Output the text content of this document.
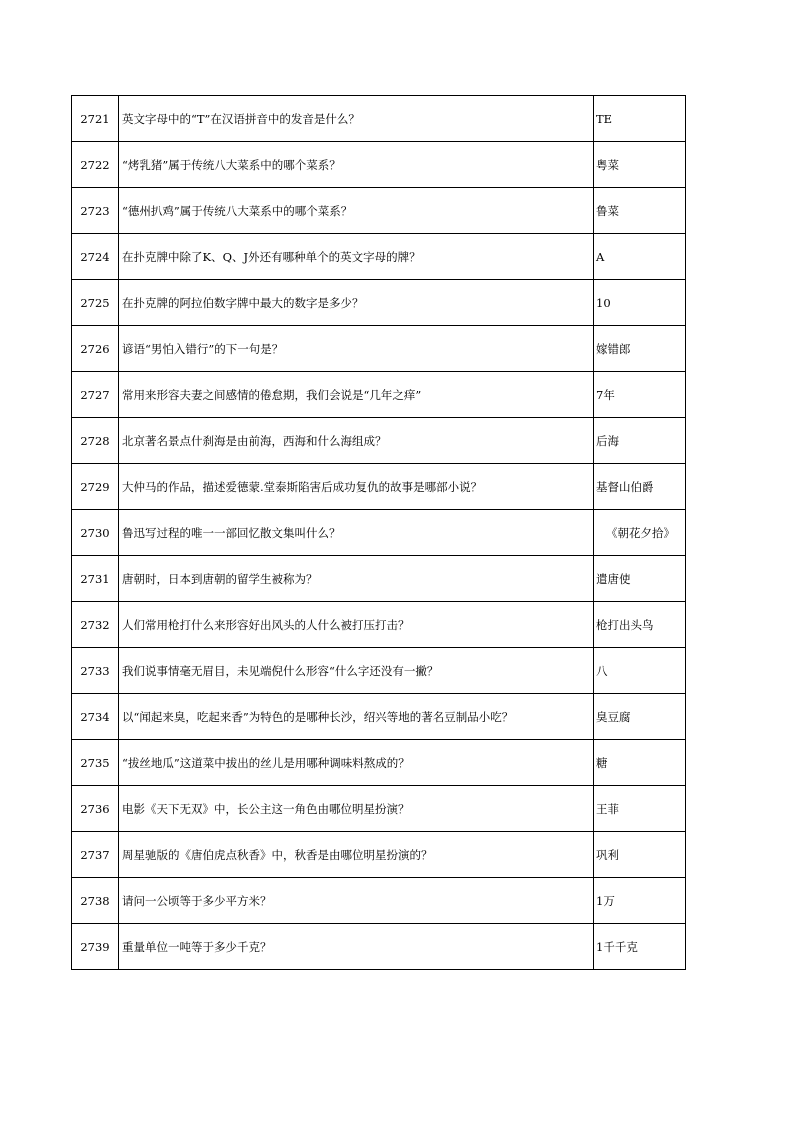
2721	英文字母中的“T”在汉语拼音中的发音是什么？	TE
2722	“烤乳猪”属于传统八大菜系中的哪个菜系？	粤菜
2723	“德州扒鸡”属于传统八大菜系中的哪个菜系？	鲁菜
2724	在扑克牌中除了K、Q、J外还有哪种单个的英文字母的牌？	A
2725	在扑克牌的阿拉伯数字牌中最大的数字是多少？	10
2726	谚语“男怕入错行”的下一句是？	嫁错郎
2727	常用来形容夫妻之间感情的倦怠期，我们会说是“几年之痒”	7年
2728	北京著名景点什刹海是由前海，西海和什么海组成？	后海
2729	大仲马的作品，描述爱德蒙.堂泰斯陷害后成功复仇的故事是哪部小说？	基督山伯爵
2730	鲁迅写过程的唯一一部回忆散文集叫什么？	《朝花夕拾》
2731	唐朝时，日本到唐朝的留学生被称为？	遣唐使
2732	人们常用枪打什么来形容好出风头的人什么被打压打击？	枪打出头鸟
2733	我们说事情毫无眉目，未见端倪什么形容“什么字还没有一撇？	八
2734	以“闻起来臭，吃起来香”为特色的是哪种长沙，绍兴等地的著名豆制品小吃？	臭豆腐
2735	“拔丝地瓜”这道菜中拔出的丝儿是用哪种调味料熬成的？	糖
2736	电影《天下无双》中，长公主这一角色由哪位明星扮演？	王菲
2737	周星驰版的《唐伯虎点秋香》中，秋香是由哪位明星扮演的？	巩利
2738	请问一公顷等于多少平方米？	1万
2739	重量单位一吨等于多少千克？	1千千克
